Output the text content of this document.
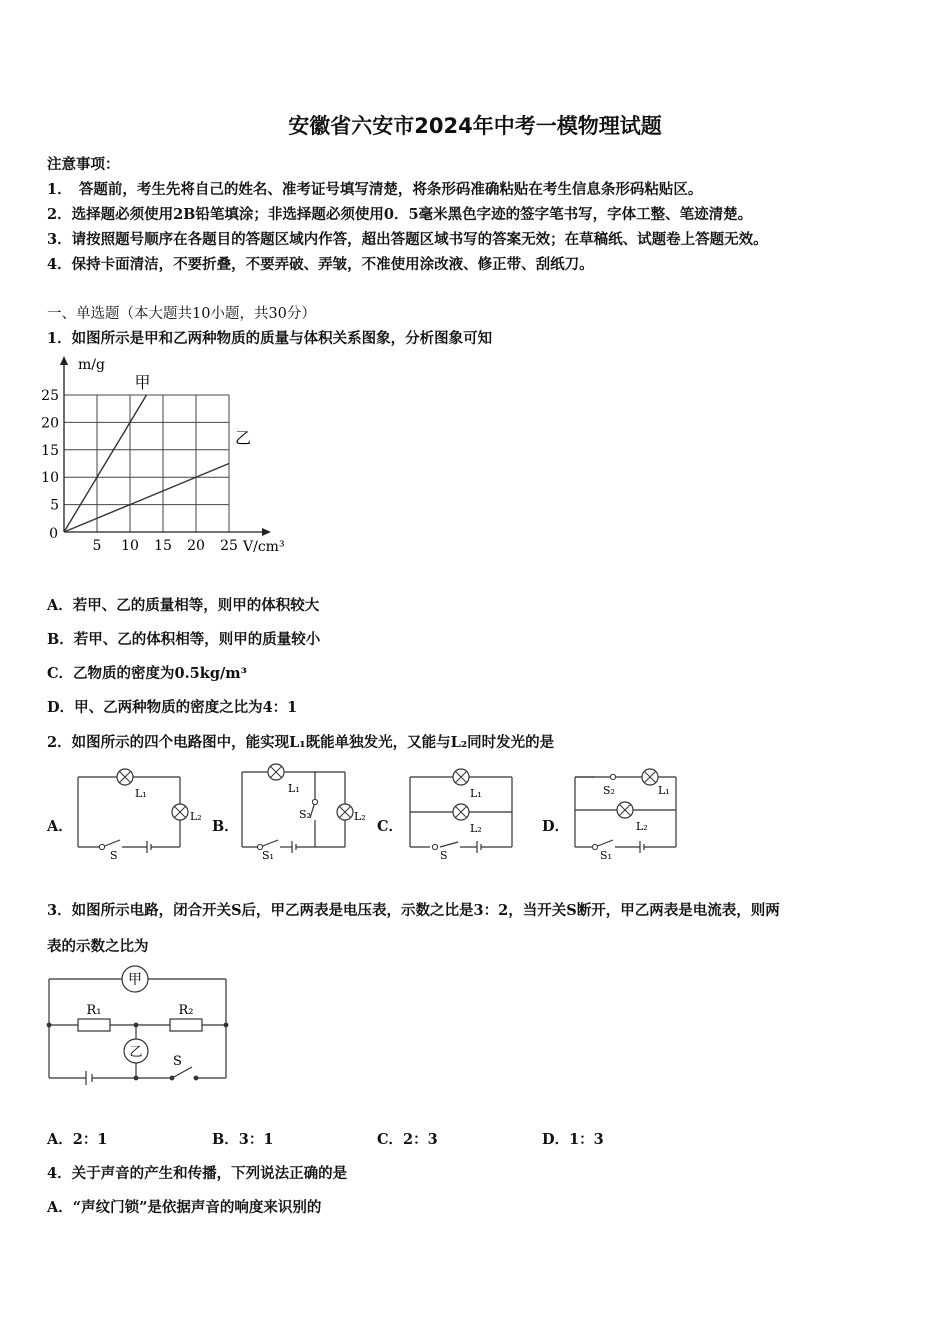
安徽省六安市2024年中考一模物理试题
注意事项：
1．　答题前，考生先将自己的姓名、准考证号填写清楚，将条形码准确粘贴在考生信息条形码粘贴区。
2．选择题必须使用2B铅笔填涂；非选择题必须使用0．5毫米黑色字迹的签字笔书写，字体工整、笔迹清楚。
3．请按照题号顺序在各题目的答题区域内作答，超出答题区域书写的答案无效；在草稿纸、试题卷上答题无效。
4．保持卡面清洁，不要折叠，不要弄破、弄皱，不准使用涂改液、修正带、刮纸刀。
一、单选题（本大题共10小题，共30分）
1．如图所示是甲和乙两种物质的质量与体积关系图象，分析图象可知
5 10 15 20 25
5
10
15
20
25
m/g
V/cm³
0
甲
乙
A．若甲、乙的质量相等，则甲的体积较大
B．若甲、乙的体积相等，则甲的质量较小
C．乙物质的密度为0.5kg/m³
D．甲、乙两种物质的密度之比为4：1
2．如图所示的四个电路图中，能实现L₁既能单独发光，又能与L₂同时发光的是
L₁
L₂
S
L₁
L₂
S₂
S₁
L₁
L₂
S
L₁
L₂
S₂
S₁
A．	B．	C．	D．
3．如图所示电路，闭合开关S后，甲乙两表是电压表，示数之比是3：2，当开关S断开，甲乙两表是电流表，则两
表的示数之比为
甲
乙
R₁	R₂
S
A．2：1	B．3：1	C．2：3	D．1：3
4．关于声音的产生和传播，下列说法正确的是
A．“声纹门锁”是依据声音的响度来识别的
